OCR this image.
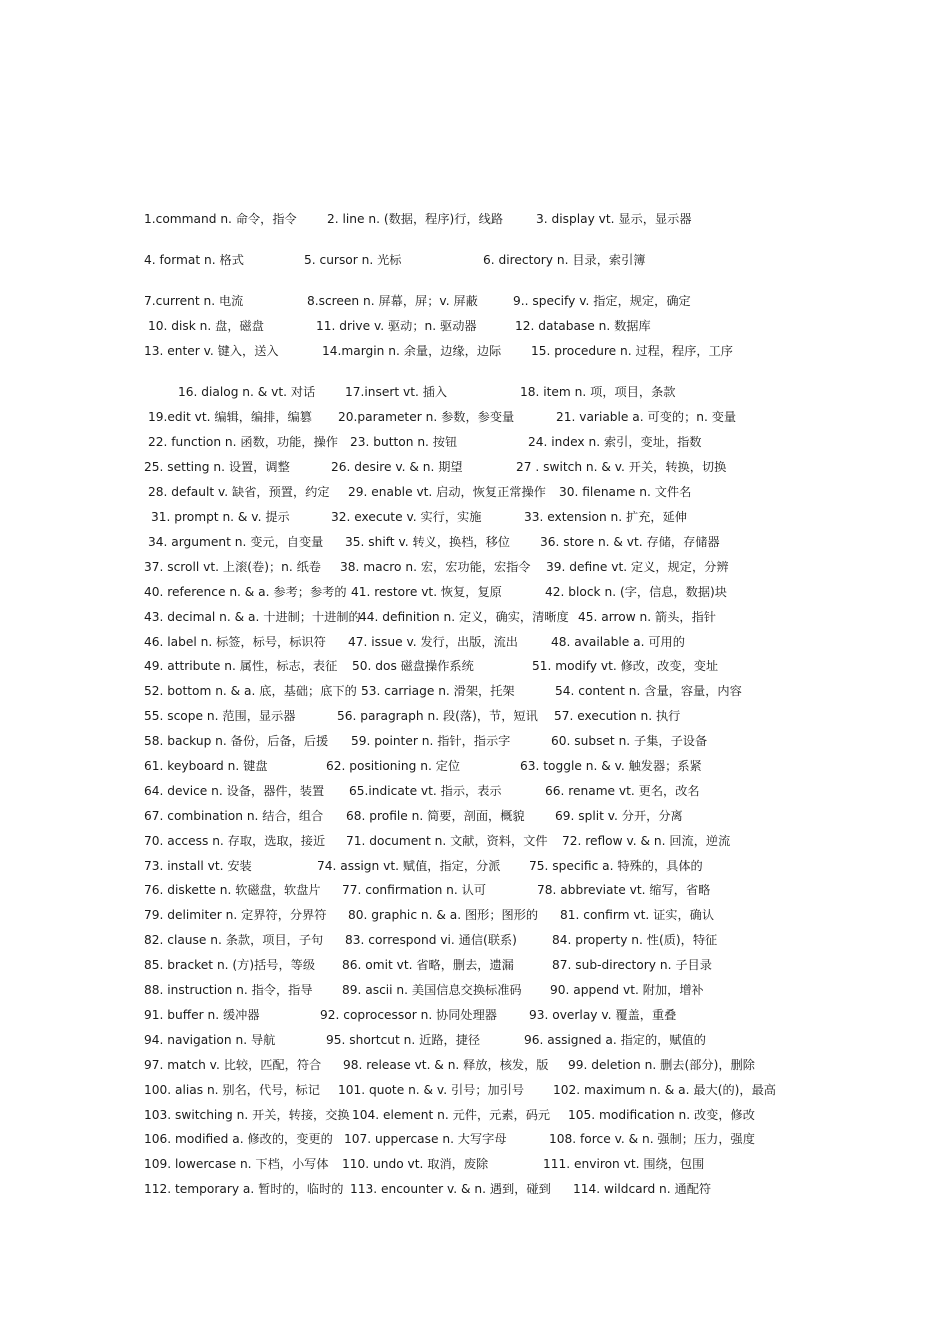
1.command n. 命令，指令 2. line n. (数据，程序)行，线路	3. display vt. 显示，显示器
4. format n. 格式	5. cursor n. 光标	6. directory n. 目录，索引簿
7.current n. 电流	8.screen n. 屏幕，屏；v. 屏蔽	9.. specify v. 指定，规定，确定
10. disk n. 盘，磁盘	11. drive v. 驱动；n. 驱动器	12. database n. 数据库
13. enter v. 键入，送入	14.margin n. 余量，边缘，边际 15. procedure n. 过程，程序，工序
16. dialog n. & vt. 对话 17.insert vt. 插入	18. item n. 项，项目，条款
19.edit vt. 编辑，编排，编篡 20.parameter n. 参数，参变量	21. variable a. 可变的；n. 变量
22. function n. 函数，功能，操作 23. button n. 按钮	24. index n. 索引，变址，指数
25. setting n. 设置，调整	26. desire v. & n. 期望	27 . switch n. & v. 开关，转换，切换
28. default v. 缺省，预置，约定 29. enable vt. 启动，恢复正常操作 30. filename n. 文件名
31. prompt n. & v. 提示	32. execute v. 实行，实施	33. extension n. 扩充，延伸
34. argument n. 变元，自变量 35. shift v. 转义，换档，移位 36. store n. & vt. 存储，存储器
37. scroll vt. 上滚(卷)；n. 纸卷 38. macro n. 宏，宏功能，宏指令 39. define vt. 定义，规定，分辨
40. reference n. & a. 参考；参考的 41. restore vt. 恢复，复原	42. block n. (字，信息，数据)块
43. decimal n. & a. 十进制；十进制的
44. definition n. 定义，确实，清晰度 45. arrow n. 箭头，指针
46. label n. 标签，标号，标识符 47. issue v. 发行，出版，流出	48. available a. 可用的
49. attribute n. 属性，标志，表征 50. dos 磁盘操作系统	51. modify vt. 修改，改变，变址
52. bottom n. & a. 底，基础；底下的 53. carriage n. 滑架，托架	54. content n. 含量，容量，内容
55. scope n. 范围，显示器	56. paragraph n. 段(落)，节，短讯 57. execution n. 执行
58. backup n. 备份，后备，后援 59. pointer n. 指针，指示字	60. subset n. 子集，子设备
61. keyboard n. 键盘	62. positioning n. 定位	63. toggle n. & v. 触发器；系紧
64. device n. 设备，器件，装置 65.indicate vt. 指示，表示	66. rename vt. 更名，改名
67. combination n. 结合，组合 68. profile n. 简要，剖面，概貌 69. split v. 分开，分离
70. access n. 存取，选取，接近 71. document n. 文献，资料，文件 72. reflow v. & n. 回流，逆流
73. install vt. 安装	74. assign vt. 赋值，指定，分派 75. specific a. 特殊的，具体的
76. diskette n. 软磁盘，软盘片 77. confirmation n. 认可	78. abbreviate vt. 缩写，省略
79. delimiter n. 定界符，分界符 80. graphic n. & a. 图形；图形的 81. confirm vt. 证实，确认
82. clause n. 条款，项目，子句 83. correspond vi. 通信(联系)	84. property n. 性(质)，特征
85. bracket n. (方)括号，等级 86. omit vt. 省略，删去，遗漏	87. sub-directory n. 子目录
88. instruction n. 指令，指导 89. ascii n. 美国信息交换标准码 90. append vt. 附加，增补
91. buffer n. 缓冲器	92. coprocessor n. 协同处理器	93. overlay v. 覆盖，重叠
94. navigation n. 导航	95. shortcut n. 近路，捷径	96. assigned a. 指定的，赋值的
97. match v. 比较，匹配，符合 98. release vt. & n. 释放，核发，版 99. deletion n. 删去(部分)，删除
100. alias n. 别名，代号，标记 101. quote n. & v. 引号；加引号 102. maximum n. & a. 最大(的)，最高
103. switching n. 开关，转接，交换 104. element n. 元件，元素，码元 105. modification n. 改变，修改
106. modified a. 修改的，变更的 107. uppercase n. 大写字母	108. force v. & n. 强制；压力，强度
109. lowercase n. 下档，小写体 110. undo vt. 取消，废除	111. environ vt. 围绕，包围
112. temporary a. 暂时的，临时的 113. encounter v. & n. 遇到，碰到 114. wildcard n. 通配符
